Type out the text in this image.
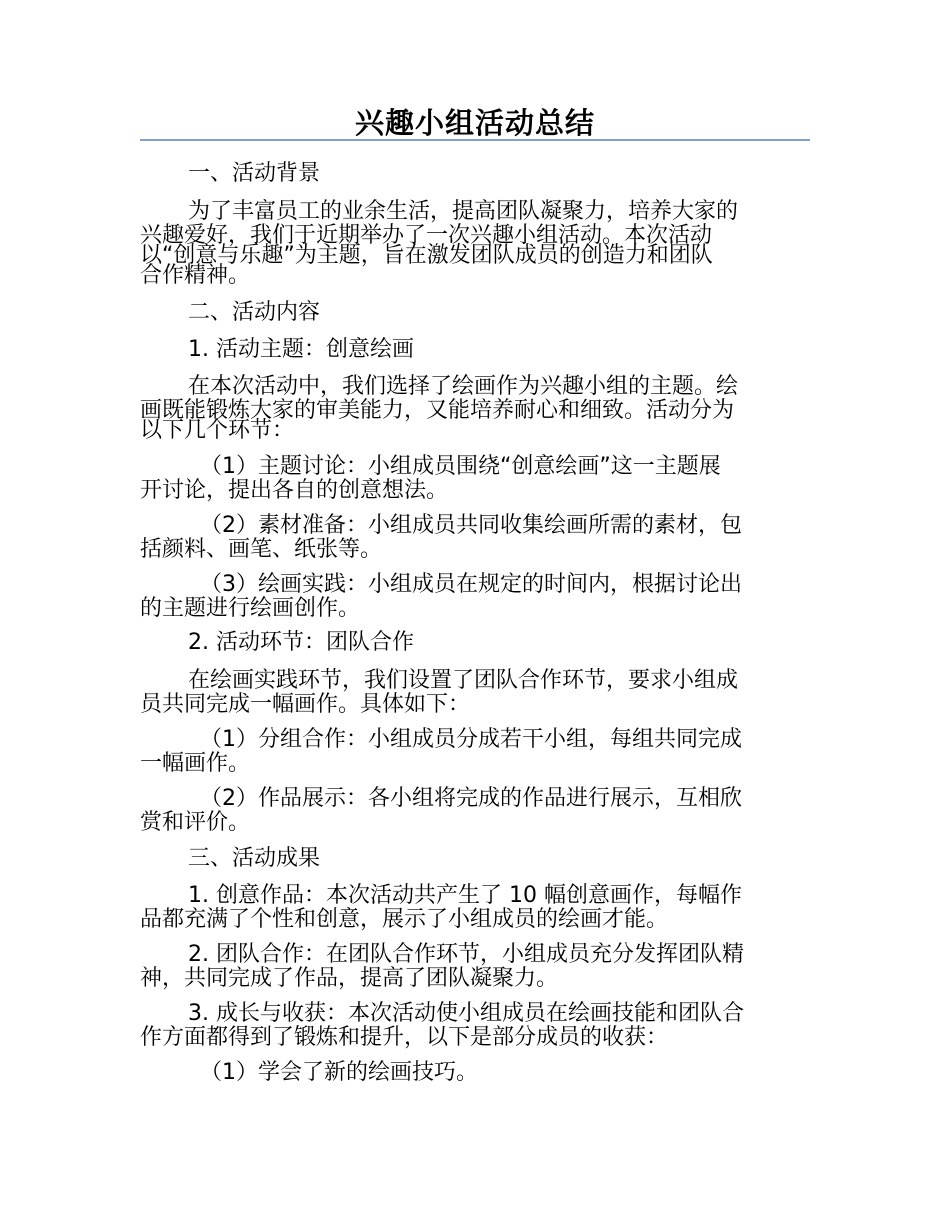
兴趣小组活动总结
一、活动背景
为了丰富员工的业余生活，提高团队凝聚力，培养大家的
兴趣爱好，我们于近期举办了一次兴趣小组活动。本次活动
以“创意与乐趣”为主题，旨在激发团队成员的创造力和团队
合作精神。
二、活动内容
1. 活动主题：创意绘画
在本次活动中，我们选择了绘画作为兴趣小组的主题。绘
画既能锻炼大家的审美能力，又能培养耐心和细致。活动分为
以下几个环节：
（1）主题讨论：小组成员围绕“创意绘画”这一主题展
开讨论，提出各自的创意想法。
（2）素材准备：小组成员共同收集绘画所需的素材，包
括颜料、画笔、纸张等。
（3）绘画实践：小组成员在规定的时间内，根据讨论出
的主题进行绘画创作。
2. 活动环节：团队合作
在绘画实践环节，我们设置了团队合作环节，要求小组成
员共同完成一幅画作。具体如下：
（1）分组合作：小组成员分成若干小组，每组共同完成
一幅画作。
（2）作品展示：各小组将完成的作品进行展示，互相欣
赏和评价。
三、活动成果
1. 创意作品：本次活动共产生了 10 幅创意画作，每幅作
品都充满了个性和创意，展示了小组成员的绘画才能。
2. 团队合作：在团队合作环节，小组成员充分发挥团队精
神，共同完成了作品，提高了团队凝聚力。
3. 成长与收获：本次活动使小组成员在绘画技能和团队合
作方面都得到了锻炼和提升，以下是部分成员的收获：
（1）学会了新的绘画技巧。
